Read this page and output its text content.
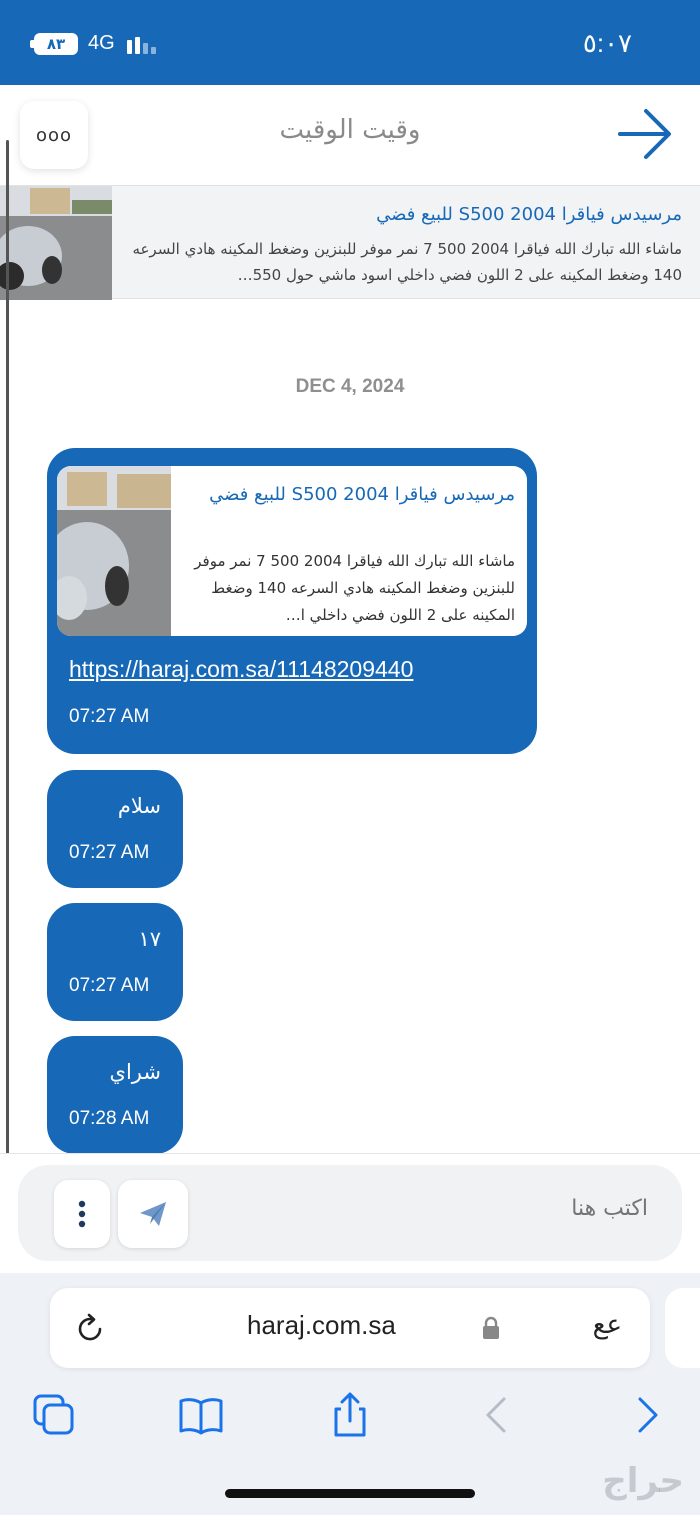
٨٣	4G	٥:٠٧
ooo	وقيت الوقيت
مرسيدس فياقرا 2004 S500 للبيع فضي
ماشاء الله تبارك الله فياقرا 2004 500 7 نمر موفر للبنزين وضغط المكينه هادي السرعه 140 وضغط المكينه على 2 اللون فضي داخلي اسود ماشي حول 550…
DEC 4, 2024
مرسيدس فياقرا 2004 S500 للبيع فضي
ماشاء الله تبارك الله فياقرا 2004 500 7 نمر موفر للبنزين وضغط المكينه هادي السرعه 140 وضغط المكينه على 2 اللون فضي داخلي ا…
https://haraj.com.sa/11148209440
07:27 AM
سلام
07:27 AM
١٧
07:27 AM
شراي
07:28 AM
اكتب هنا
haraj.com.sa	ﻋﻊ
حراج
